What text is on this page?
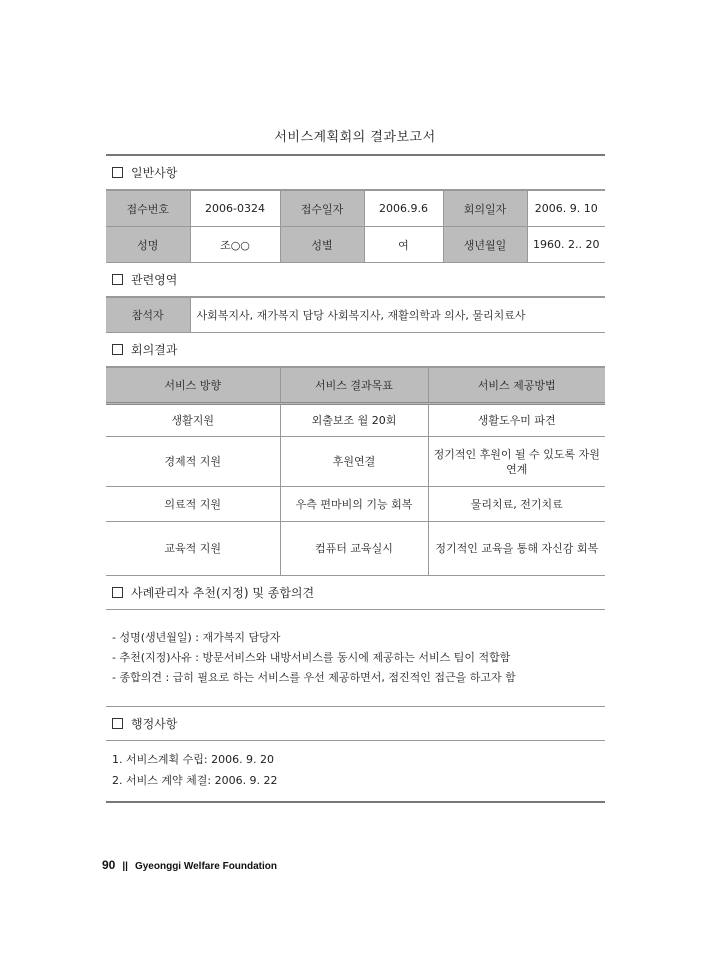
서비스계획회의 결과보고서
일반사항
접수번호	2006-0324	접수일자	2006.9.6	회의일자	2006. 9. 10
성명	조○○	성별	여	생년월일	1960. 2.. 20
관련영역
참석자	사회복지사, 재가복지 담당 사회복지사, 재활의학과 의사, 물리치료사
회의결과
서비스 방향	서비스 결과목표	서비스 제공방법
생활지원	외출보조 월 20회	생활도우미 파견
경제적 지원	후원연결	정기적인 후원이 될 수 있도록 자원연계
의료적 지원	우측 편마비의 기능 회복	물리치료, 전기치료
교육적 지원	컴퓨터 교육실시	정기적인 교육을 통해 자신감 회복
사례관리자 추천(지정) 및 종합의견
- 성명(생년월일) : 재가복지 담당자
- 추천(지정)사유 : 방문서비스와 내방서비스를 동시에 제공하는 서비스 팀이 적합함
- 종합의견 : 급히 필요로 하는 서비스를 우선 제공하면서, 점진적인 접근을 하고자 함
행정사항
1. 서비스계획 수립: 2006. 9. 20
2. 서비스 계약 체결: 2006. 9. 22
90 || Gyeonggi Welfare Foundation
